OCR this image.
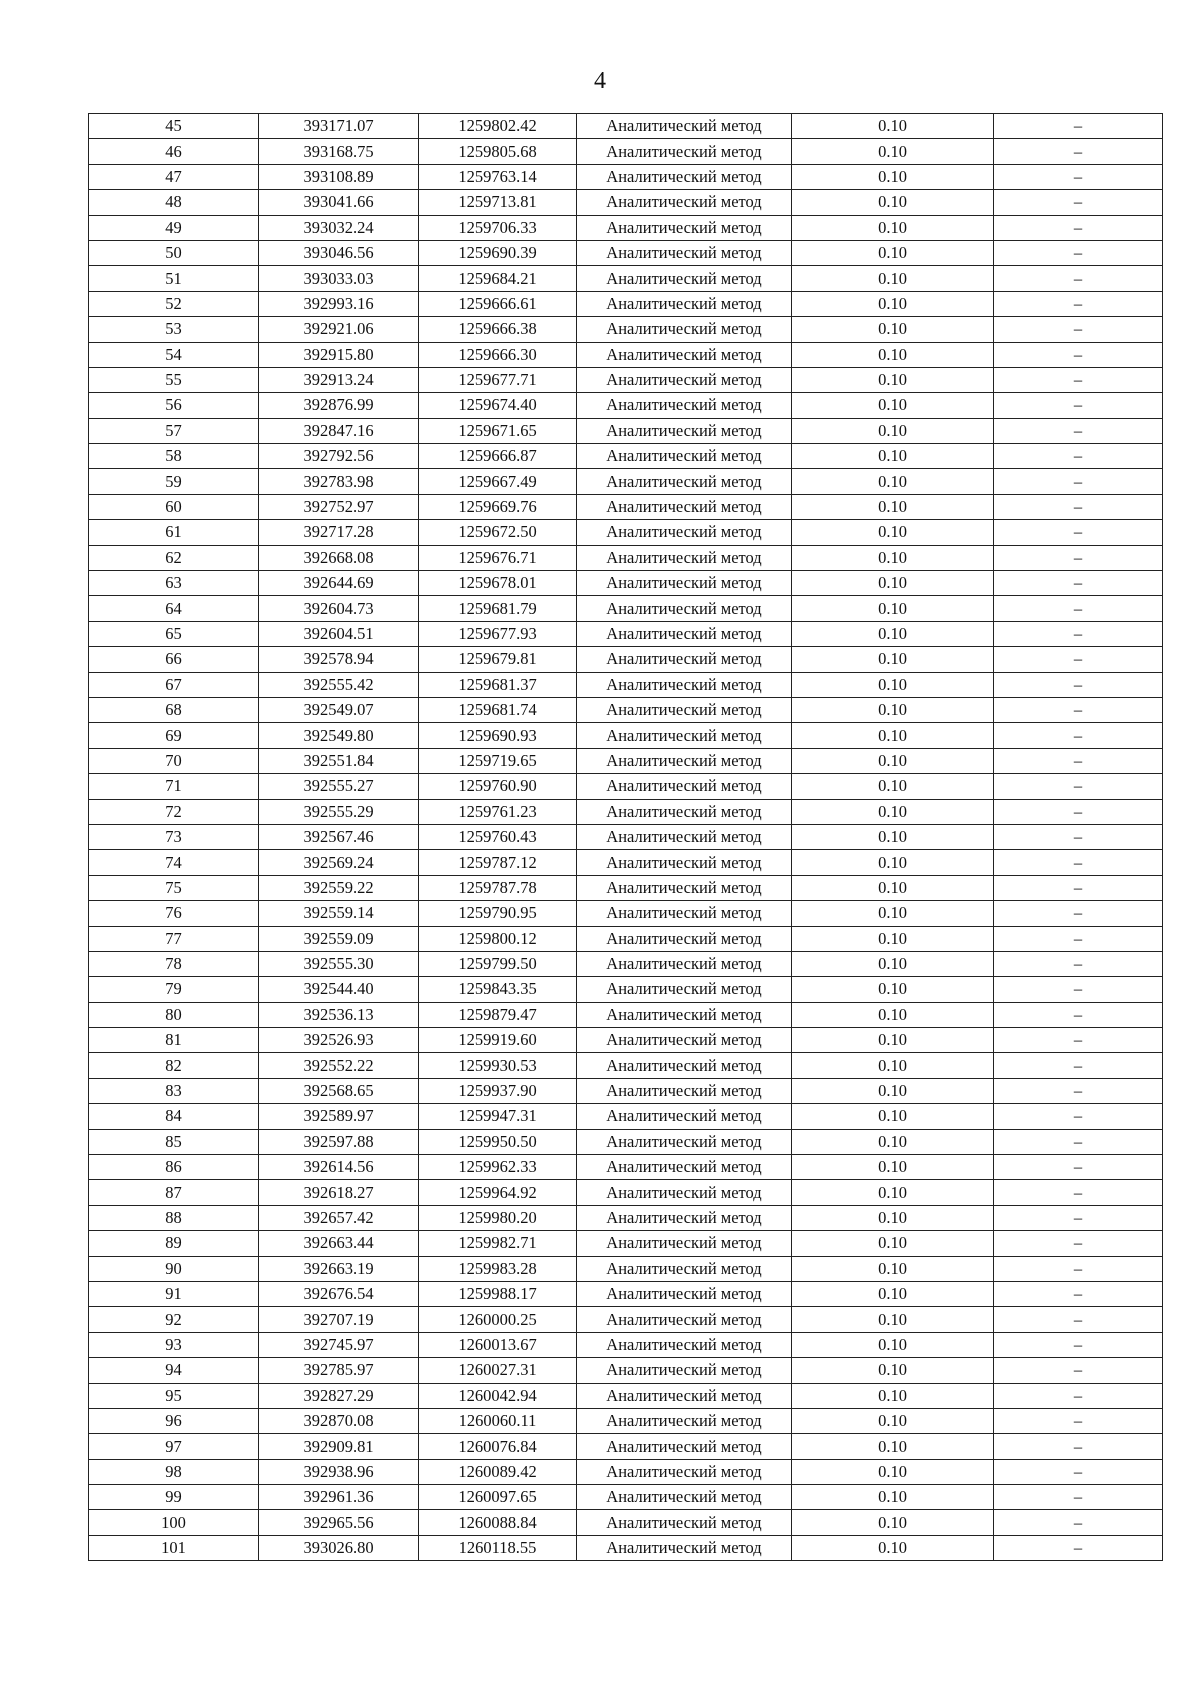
4
45	393171.07	1259802.42	Аналитический метод	0.10	–
46	393168.75	1259805.68	Аналитический метод	0.10	–
47	393108.89	1259763.14	Аналитический метод	0.10	–
48	393041.66	1259713.81	Аналитический метод	0.10	–
49	393032.24	1259706.33	Аналитический метод	0.10	–
50	393046.56	1259690.39	Аналитический метод	0.10	–
51	393033.03	1259684.21	Аналитический метод	0.10	–
52	392993.16	1259666.61	Аналитический метод	0.10	–
53	392921.06	1259666.38	Аналитический метод	0.10	–
54	392915.80	1259666.30	Аналитический метод	0.10	–
55	392913.24	1259677.71	Аналитический метод	0.10	–
56	392876.99	1259674.40	Аналитический метод	0.10	–
57	392847.16	1259671.65	Аналитический метод	0.10	–
58	392792.56	1259666.87	Аналитический метод	0.10	–
59	392783.98	1259667.49	Аналитический метод	0.10	–
60	392752.97	1259669.76	Аналитический метод	0.10	–
61	392717.28	1259672.50	Аналитический метод	0.10	–
62	392668.08	1259676.71	Аналитический метод	0.10	–
63	392644.69	1259678.01	Аналитический метод	0.10	–
64	392604.73	1259681.79	Аналитический метод	0.10	–
65	392604.51	1259677.93	Аналитический метод	0.10	–
66	392578.94	1259679.81	Аналитический метод	0.10	–
67	392555.42	1259681.37	Аналитический метод	0.10	–
68	392549.07	1259681.74	Аналитический метод	0.10	–
69	392549.80	1259690.93	Аналитический метод	0.10	–
70	392551.84	1259719.65	Аналитический метод	0.10	–
71	392555.27	1259760.90	Аналитический метод	0.10	–
72	392555.29	1259761.23	Аналитический метод	0.10	–
73	392567.46	1259760.43	Аналитический метод	0.10	–
74	392569.24	1259787.12	Аналитический метод	0.10	–
75	392559.22	1259787.78	Аналитический метод	0.10	–
76	392559.14	1259790.95	Аналитический метод	0.10	–
77	392559.09	1259800.12	Аналитический метод	0.10	–
78	392555.30	1259799.50	Аналитический метод	0.10	–
79	392544.40	1259843.35	Аналитический метод	0.10	–
80	392536.13	1259879.47	Аналитический метод	0.10	–
81	392526.93	1259919.60	Аналитический метод	0.10	–
82	392552.22	1259930.53	Аналитический метод	0.10	–
83	392568.65	1259937.90	Аналитический метод	0.10	–
84	392589.97	1259947.31	Аналитический метод	0.10	–
85	392597.88	1259950.50	Аналитический метод	0.10	–
86	392614.56	1259962.33	Аналитический метод	0.10	–
87	392618.27	1259964.92	Аналитический метод	0.10	–
88	392657.42	1259980.20	Аналитический метод	0.10	–
89	392663.44	1259982.71	Аналитический метод	0.10	–
90	392663.19	1259983.28	Аналитический метод	0.10	–
91	392676.54	1259988.17	Аналитический метод	0.10	–
92	392707.19	1260000.25	Аналитический метод	0.10	–
93	392745.97	1260013.67	Аналитический метод	0.10	–
94	392785.97	1260027.31	Аналитический метод	0.10	–
95	392827.29	1260042.94	Аналитический метод	0.10	–
96	392870.08	1260060.11	Аналитический метод	0.10	–
97	392909.81	1260076.84	Аналитический метод	0.10	–
98	392938.96	1260089.42	Аналитический метод	0.10	–
99	392961.36	1260097.65	Аналитический метод	0.10	–
100	392965.56	1260088.84	Аналитический метод	0.10	–
101	393026.80	1260118.55	Аналитический метод	0.10	–
